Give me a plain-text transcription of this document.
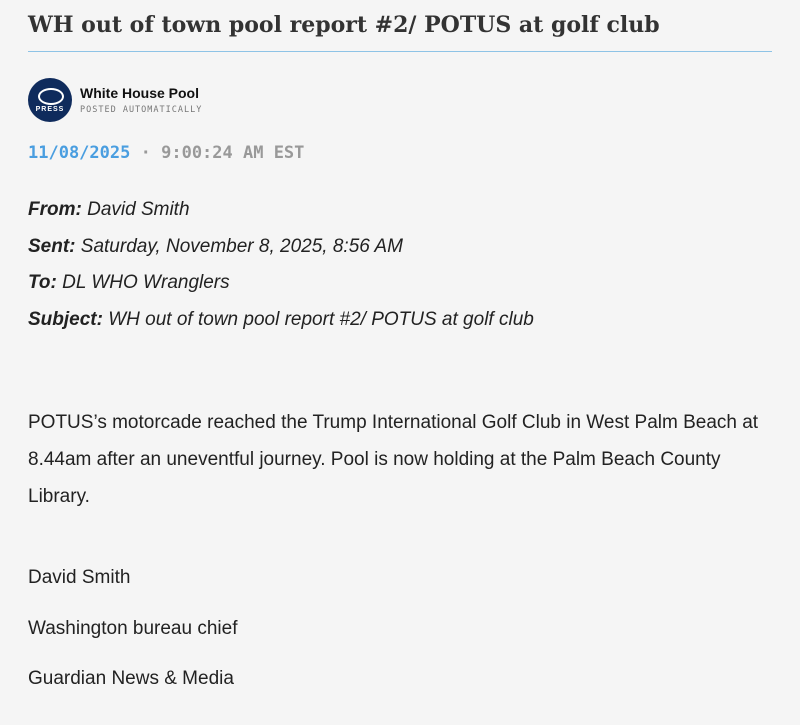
WH out of town pool report #2/ POTUS at golf club
PRESS
White House Pool
POSTED AUTOMATICALLY
11/08/2025 · 9:00:24 AM EST
From: David Smith
Sent: Saturday, November 8, 2025, 8:56 AM
To: DL WHO Wranglers
Subject: WH out of town pool report #2/ POTUS at golf club
POTUS’s motorcade reached the Trump International Golf Club in West Palm Beach at 8.44am after an uneventful journey. Pool is now holding at the Palm Beach County Library.
David Smith
Washington bureau chief
Guardian News & Media
